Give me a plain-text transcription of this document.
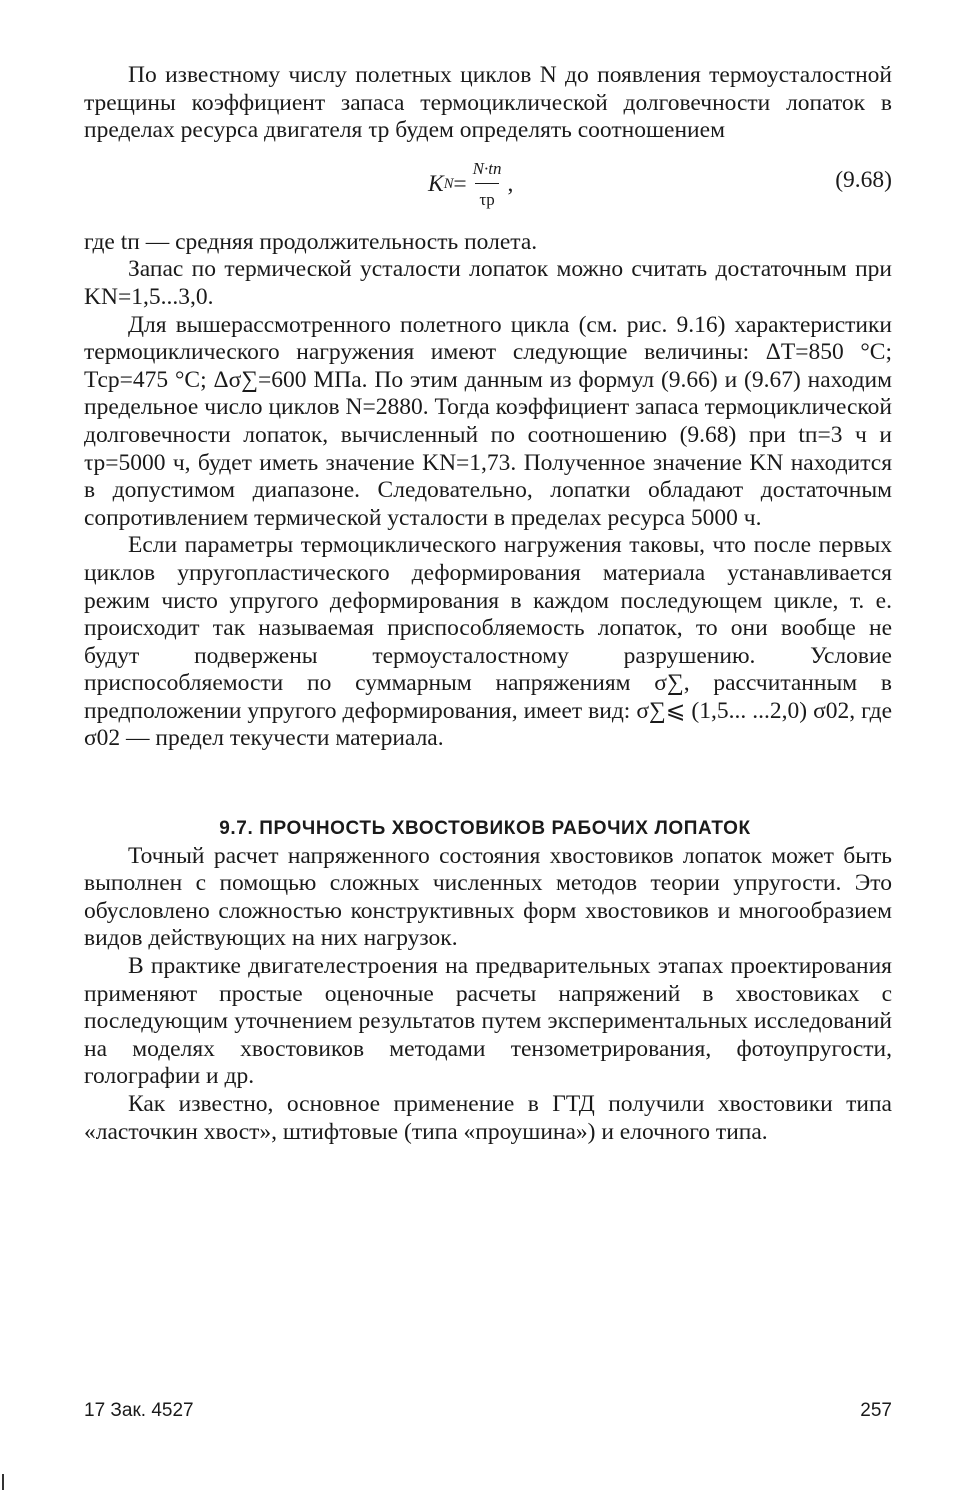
По известному числу полетных циклов N до появления термоусталостной трещины коэффициент запаса термоциклической долговечности лопаток в пределах ресурса двигателя τр будем определять соотношением

K $N = \frac{N\cdot tп}{\tau р}$ ,	(9.68)

где tп — средняя продолжительность полета.

Запас по термической усталости лопаток можно считать достаточным при KN=1,5...3,0.

Для вышерассмотренного полетного цикла (см. рис. 9.16) характеристики термоциклического нагружения имеют следующие величины: ΔT=850 °С; Тср=475 °С; Δσ∑=600 МПа. По этим данным из формул (9.66) и (9.67) находим предельное число циклов N=2880. Тогда коэффициент запаса термоциклической долговечности лопаток, вычисленный по соотношению (9.68) при tп=3 ч и τр=5000 ч, будет иметь значение KN=1,73. Полученное значение KN находится в допустимом диапазоне. Следовательно, лопатки обладают достаточным сопротивлением термической усталости в пределах ресурса 5000 ч.

Если параметры термоциклического нагружения таковы, что после первых циклов упругопластического деформирования материала устанавливается режим чисто упругого деформирования в каждом последующем цикле, т. е. происходит так называемая приспособляемость лопаток, то они вообще не будут подвержены термоусталостному разрушению. Условие приспособляемости по суммарным напряжениям σ∑, рассчитанным в предположении упругого деформирования, имеет вид: σ∑⩽ (1,5... ...2,0) σ02, где σ02 — предел текучести материала.

9.7. ПРОЧНОСТЬ ХВОСТОВИКОВ РАБОЧИХ ЛОПАТОК

Точный расчет напряженного состояния хвостовиков лопаток может быть выполнен с помощью сложных численных методов теории упругости. Это обусловлено сложностью конструктивных форм хвостовиков и многообразием видов действующих на них нагрузок.

В практике двигателестроения на предварительных этапах проектирования применяют простые оценочные расчеты напряжений в хвостовиках с последующим уточнением результатов путем экспериментальных исследований на моделях хвостовиков методами тензометрирования, фотоупругости, голографии и др.

Как известно, основное применение в ГТД получили хвостовики типа «ласточкин хвост», штифтовые (типа «проушина») и елочного типа.

17 Зак. 4527	257
